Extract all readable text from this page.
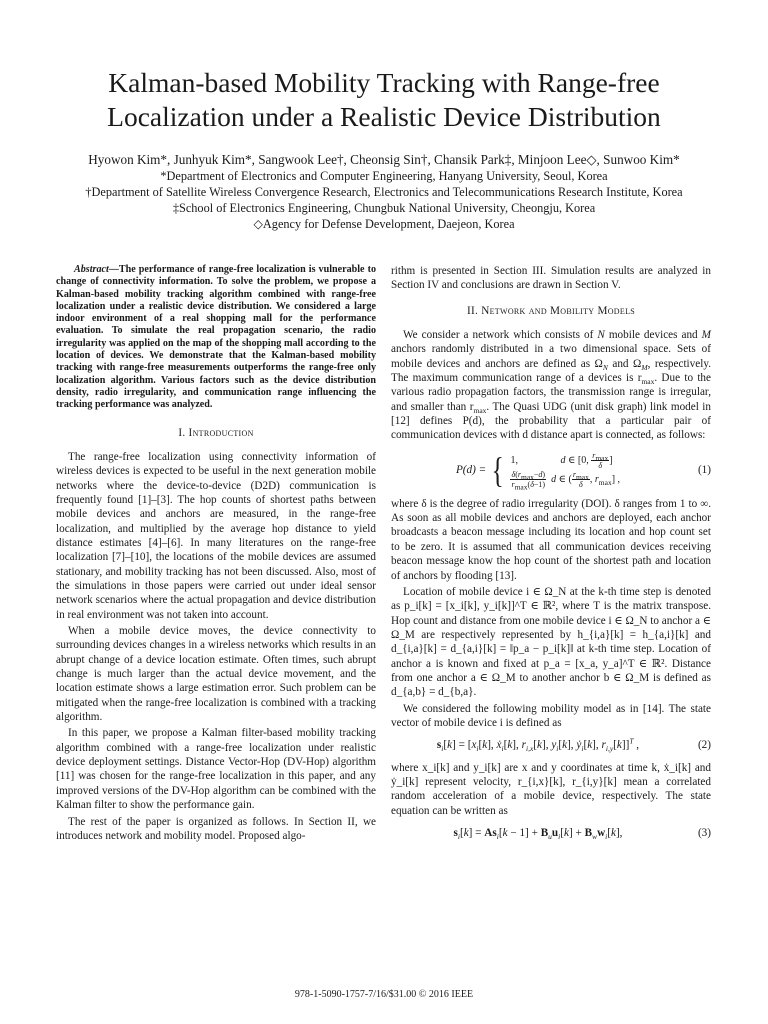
Kalman-based Mobility Tracking with Range-free
Localization under a Realistic Device Distribution
Hyowon Kim*, Junhyuk Kim*, Sangwook Lee†, Cheonsig Sin†, Chansik Park‡, Minjoon Lee◇, Sunwoo Kim*
*Department of Electronics and Computer Engineering, Hanyang University, Seoul, Korea
†Department of Satellite Wireless Convergence Research, Electronics and Telecommunications Research Institute, Korea
‡School of Electronics Engineering, Chungbuk National University, Cheongju, Korea
◇Agency for Defense Development, Daejeon, Korea

Abstract—The performance of range-free localization is vulnerable to change of connectivity information. To solve the problem, we propose a Kalman-based mobility tracking algorithm combined with range-free localization under a realistic device distribution. We considered a large indoor environment of a real shopping mall for the performance evaluation. To simulate the real propagation scenario, the radio irregularity was applied on the map of the shopping mall according to the location of devices. We demonstrate that the Kalman-based mobility tracking with range-free measurements outperforms the range-free only localization algorithm. Various factors such as the device distribution density, radio irregularity, and communication range influencing the tracking performance was analyzed.

I. Introduction

The range-free localization using connectivity information of wireless devices is expected to be useful in the next generation mobile networks where the device-to-device (D2D) communication is frequently found [1]–[3]. The hop counts of shortest paths between mobile devices and anchors are measured, in the range-free localization, and multiplied by the average hop distance to yield distance estimates [4]–[6]. In many literatures on the range-free localization [7]–[10], the locations of the mobile devices are assumed stationary, and mobility tracking has not been discussed. Also, most of the simulations in those papers were carried out under ideal sensor network scenarios where the actual propagation and device distribution in real environment was not taken into account.

When a mobile device moves, the device connectivity to surrounding devices changes in a wireless networks which results in an abrupt change of a device location estimate. Often times, such abrupt change is much larger than the actual device movement, and the location estimate shows a large estimation error. Such problem can be mitigated when the range-free localization is combined with a tracking algorithm.

In this paper, we propose a Kalman filter-based mobility tracking algorithm combined with a range-free localization under realistic device deployment settings. Distance Vector-Hop (DV-Hop) algorithm [11] was chosen for the range-free localization in this paper, and any improved versions of the DV-Hop algorithm can be combined with the Kalman filter to show the performance gain.

The rest of the paper is organized as follows. In Section II, we introduces network and mobility model. Proposed algo-

rithm is presented in Section III. Simulation results are analyzed in Section IV and conclusions are drawn in Section V.

II. Network and Mobility Models

We consider a network which consists of N mobile devices and M anchors randomly distributed in a two dimensional space. Sets of mobile devices and anchors are defined as $\Omega_N$ and $\Omega_M$, respectively. The maximum communication range of a devices is $r_{max}$. Due to the various radio propagation factors, the transmission range is irregular, and smaller than $r_{max}$. The Quasi UDG (unit disk graph) link model in [12] defines P(d), the probability that a particular pair of communication devices with d distance apart is connected, as follows:

P(d) = { 1,                 d ∈ [0, $\frac{r_{max}}{\delta}$ ]
$\frac{\delta(r_{max}-d)}{r_{max}(\delta-1)}$ d ∈ ( $\frac{r_{max}}{\delta}$ , $r_{max}$] ,
(1)

where δ is the degree of radio irregularity (DOI). δ ranges from 1 to ∞. As soon as all mobile devices and anchors are deployed, each anchor broadcasts a beacon message including its location and hop count set to be zero. It is assumed that all communication devices receiving beacon message know the hop count of the shortest path and location of anchors by flooding [13].

Location of mobile device i ∈ Ω_N at the k-th time step is denoted as p_i[k] = [x_i[k], y_i[k]]^T ∈ ℝ², where T is the matrix transpose. Hop count and distance from one mobile device i ∈ Ω_N to anchor a ∈ Ω_M are respectively represented by h_{i,a}[k] = h_{a,i}[k] and d_{i,a}[k] = d_{a,i}[k] = ‖p_a − p_i[k]‖ at k-th time step. Location of anchor a is known and fixed at p_a = [x_a, y_a]^T ∈ ℝ². Distance from one anchor a ∈ Ω_M to another anchor b ∈ Ω_M is defined as d_{a,b} = d_{b,a}.

We considered the following mobility model as in [14]. The state vector of mobile device i is defined as

$s_i[k] = [x_i[k]$, ẋ$_i$[k], $r_{i,x}[k]$, $y_i[k]$, ẏ$_i$[k], $r_{i,y}[k]]^T$ ,	(2)

where x_i[k] and y_i[k] are x and y coordinates at time k, ẋ_i[k] and ẏ_i[k] represent velocity, r_{i,x}[k], r_{i,y}[k] mean a correlated random acceleration of a mobile device, respectively. The state equation can be written as

$s_i[k] = As_i[k - 1] + B_uu_i[k] + B_ww_i[k]$,	(3)
978-1-5090-1757-7/16/$31.00 © 2016 IEEE
